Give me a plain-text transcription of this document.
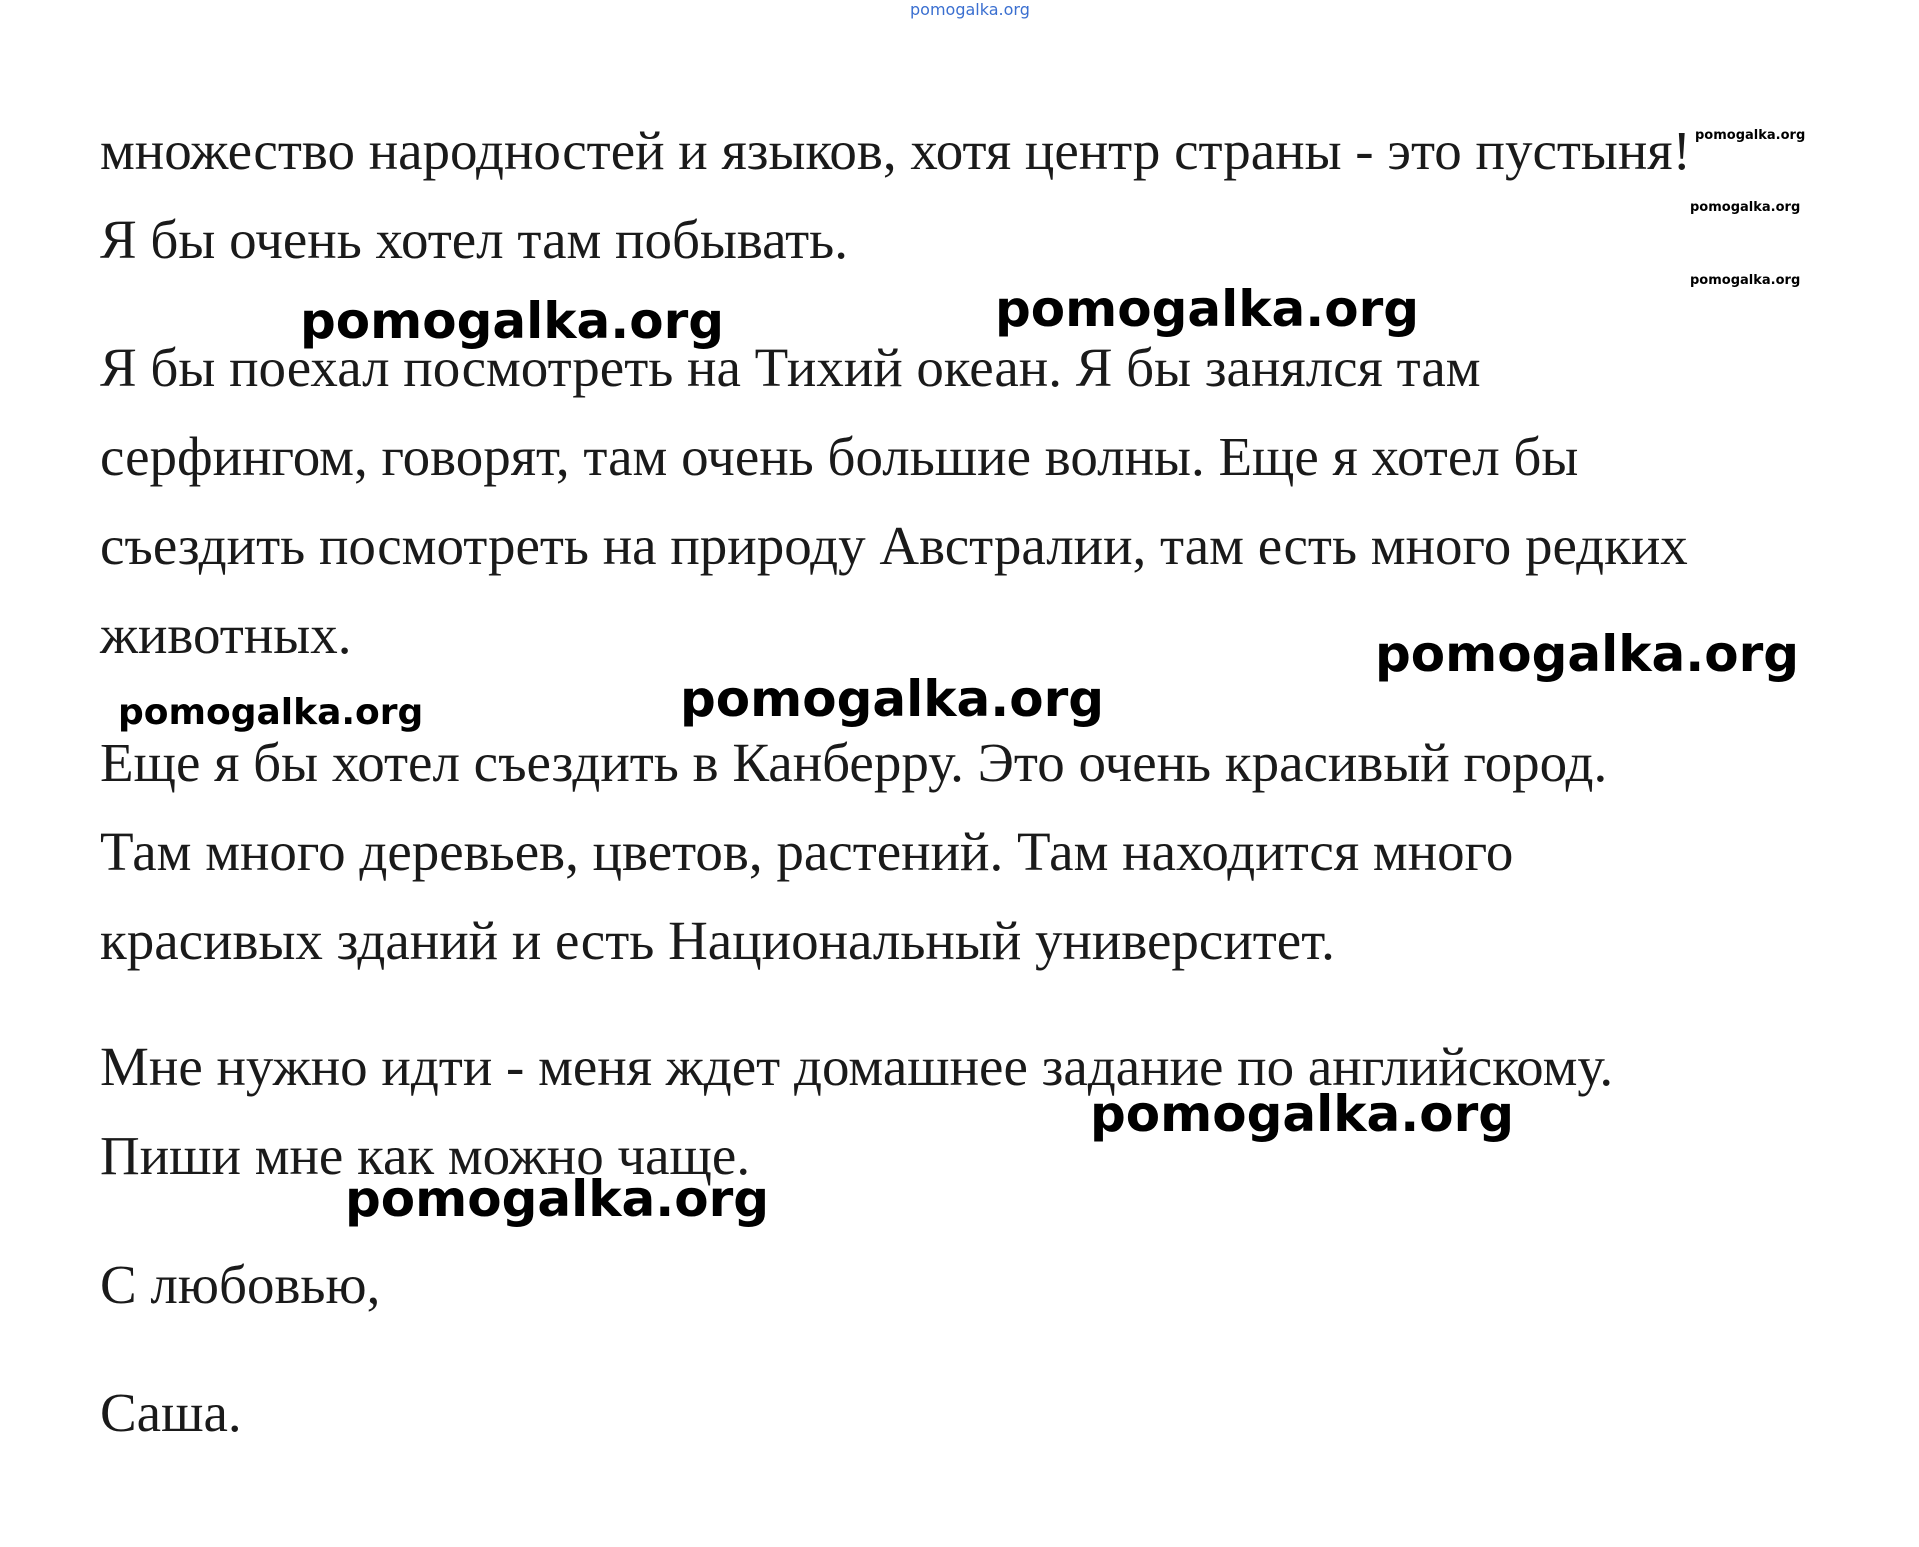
pomogalka.org

множество народностей и языков, хотя центр страны - это пустыня!

Я бы очень хотел там побывать.

Я бы поехал посмотреть на Тихий океан. Я бы занялся там

серфингом, говорят, там очень большие волны. Еще я хотел бы

съездить посмотреть на природу Австралии, там есть много редких

животных.

Еще я бы хотел съездить в Канберру. Это очень красивый город.

Там много деревьев, цветов, растений. Там находится много

красивых зданий и есть Национальный университет.

Мне нужно идти - меня ждет домашнее задание по английскому.

Пиши мне как можно чаще.

С любовью,

Саша.

pomogalka.org
pomogalka.org
pomogalka.org
pomogalka.org	pomogalka.org
pomogalka.org
pomogalka.org
pomogalka.org
pomogalka.org
pomogalka.org
